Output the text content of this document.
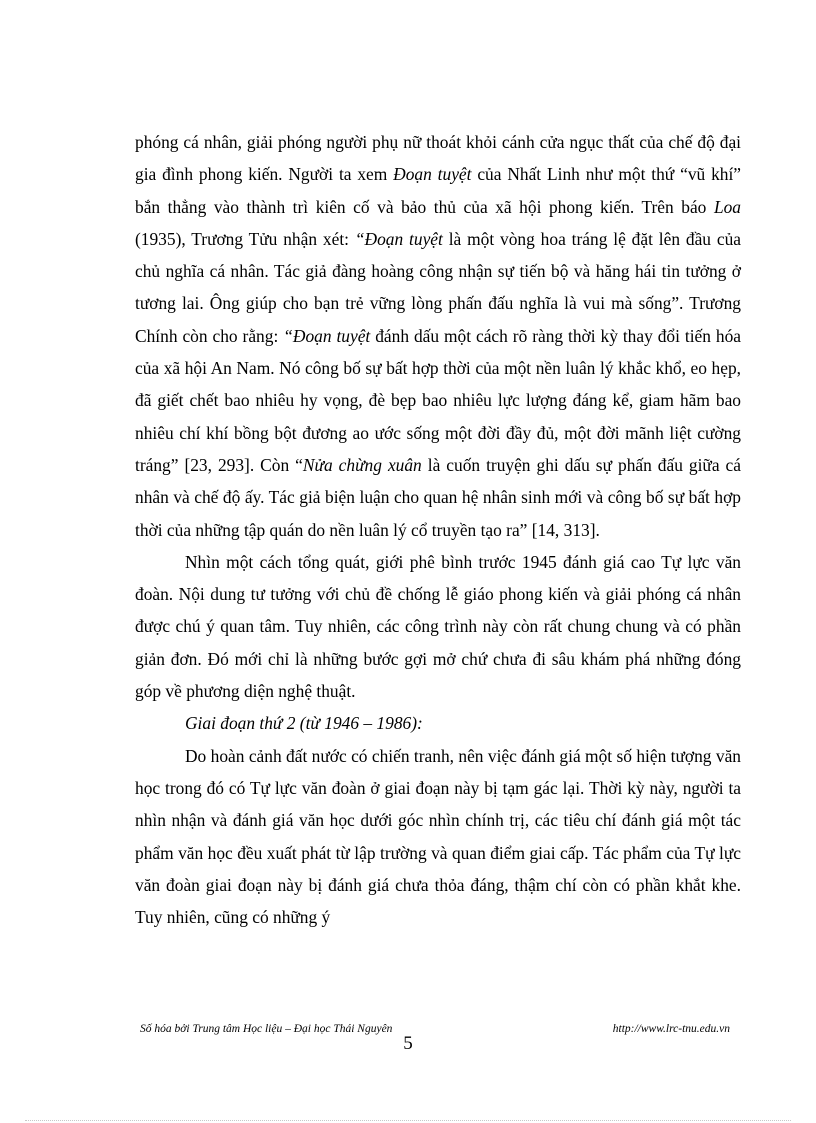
phóng cá nhân, giải phóng người phụ nữ thoát khỏi cánh cửa ngục thất của chế độ đại gia đình phong kiến. Người ta xem Đoạn tuyệt của Nhất Linh như một thứ “vũ khí” bắn thẳng vào thành trì kiên cố và bảo thủ của xã hội phong kiến. Trên báo Loa (1935), Trương Tửu nhận xét: “Đoạn tuyệt là một vòng hoa tráng lệ đặt lên đầu của chủ nghĩa cá nhân. Tác giả đàng hoàng công nhận sự tiến bộ và hăng hái tin tưởng ở tương lai. Ông giúp cho bạn trẻ vững lòng phấn đấu nghĩa là vui mà sống”. Trương Chính còn cho rằng: “Đoạn tuyệt đánh dấu một cách rõ ràng thời kỳ thay đổi tiến hóa của xã hội An Nam. Nó công bố sự bất hợp thời của một nền luân lý khắc khổ, eo hẹp, đã giết chết bao nhiêu hy vọng, đè bẹp bao nhiêu lực lượng đáng kể, giam hãm bao nhiêu chí khí bồng bột đương ao ước sống một đời đầy đủ, một đời mãnh liệt cường tráng” [23, 293]. Còn “Nửa chừng xuân là cuốn truyện ghi dấu sự phấn đấu giữa cá nhân và chế độ ấy. Tác giả biện luận cho quan hệ nhân sinh mới và công bố sự bất hợp thời của những tập quán do nền luân lý cổ truyền tạo ra” [14, 313].

Nhìn một cách tổng quát, giới phê bình trước 1945 đánh giá cao Tự lực văn đoàn. Nội dung tư tưởng với chủ đề chống lễ giáo phong kiến và giải phóng cá nhân được chú ý quan tâm. Tuy nhiên, các công trình này còn rất chung chung và có phần giản đơn. Đó mới chỉ là những bước gợi mở chứ chưa đi sâu khám phá những đóng góp về phương diện nghệ thuật.

Giai đoạn thứ 2 (từ 1946 – 1986):

Do hoàn cảnh đất nước có chiến tranh, nên việc đánh giá một số hiện tượng văn học trong đó có Tự lực văn đoàn ở giai đoạn này bị tạm gác lại. Thời kỳ này, người ta nhìn nhận và đánh giá văn học dưới góc nhìn chính trị, các tiêu chí đánh giá một tác phẩm văn học đều xuất phát từ lập trường và quan điểm giai cấp. Tác phẩm của Tự lực văn đoàn giai đoạn này bị đánh giá chưa thỏa đáng, thậm chí còn có phần khắt khe. Tuy nhiên, cũng có những ý

Số hóa bởi Trung tâm Học liệu – Đại học Thái Nguyên	http://www.lrc-tnu.edu.vn
5
